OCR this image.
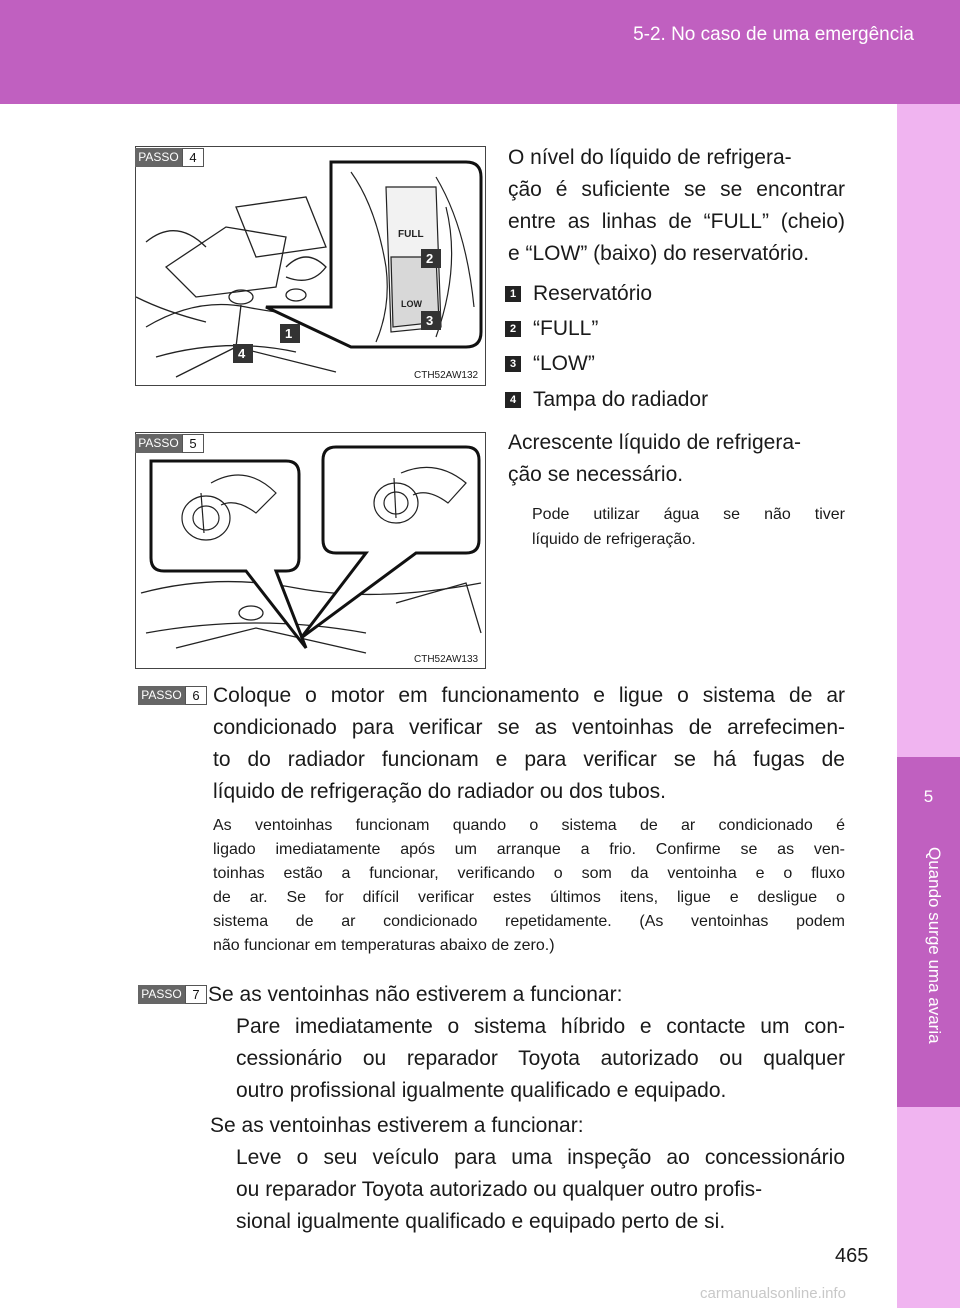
5-2. No caso de uma emergência
5
Quando surge uma avaria
FULL
LOW
2
3
1
4
PASSO 4
CTH52AW132
O nível do líquido de refrigera-
ção é suficiente se se encontrar
entre as linhas de “FULL” (cheio)
e “LOW” (baixo) do reservatório.
1 Reservatório
2 “FULL”
3 “LOW”
4 Tampa do radiador
PASSO 5
CTH52AW133
Acrescente líquido de refrigera-
ção se necessário.
Pode utilizar água se não tiver
líquido de refrigeração.
PASSO 6 Coloque o motor em funcionamento e ligue o sistema de ar
condicionado para verificar se as ventoinhas de arrefecimen-
to do radiador funcionam e para verificar se há fugas de
líquido de refrigeração do radiador ou dos tubos.
As ventoinhas funcionam quando o sistema de ar condicionado é
ligado imediatamente após um arranque a frio. Confirme se as ven-
toinhas estão a funcionar, verificando o som da ventoinha e o fluxo
de ar. Se for difícil verificar estes últimos itens, ligue e desligue o
sistema de ar condicionado repetidamente. (As ventoinhas podem
não funcionar em temperaturas abaixo de zero.)
PASSO 7 Se as ventoinhas não estiverem a funcionar:
Pare imediatamente o sistema híbrido e contacte um con-
cessionário ou reparador Toyota autorizado ou qualquer
outro profissional igualmente qualificado e equipado.
Se as ventoinhas estiverem a funcionar:
Leve o seu veículo para uma inspeção ao concessionário
ou reparador Toyota autorizado ou qualquer outro profis-
sional igualmente qualificado e equipado perto de si.
465
carmanualsonline.info
